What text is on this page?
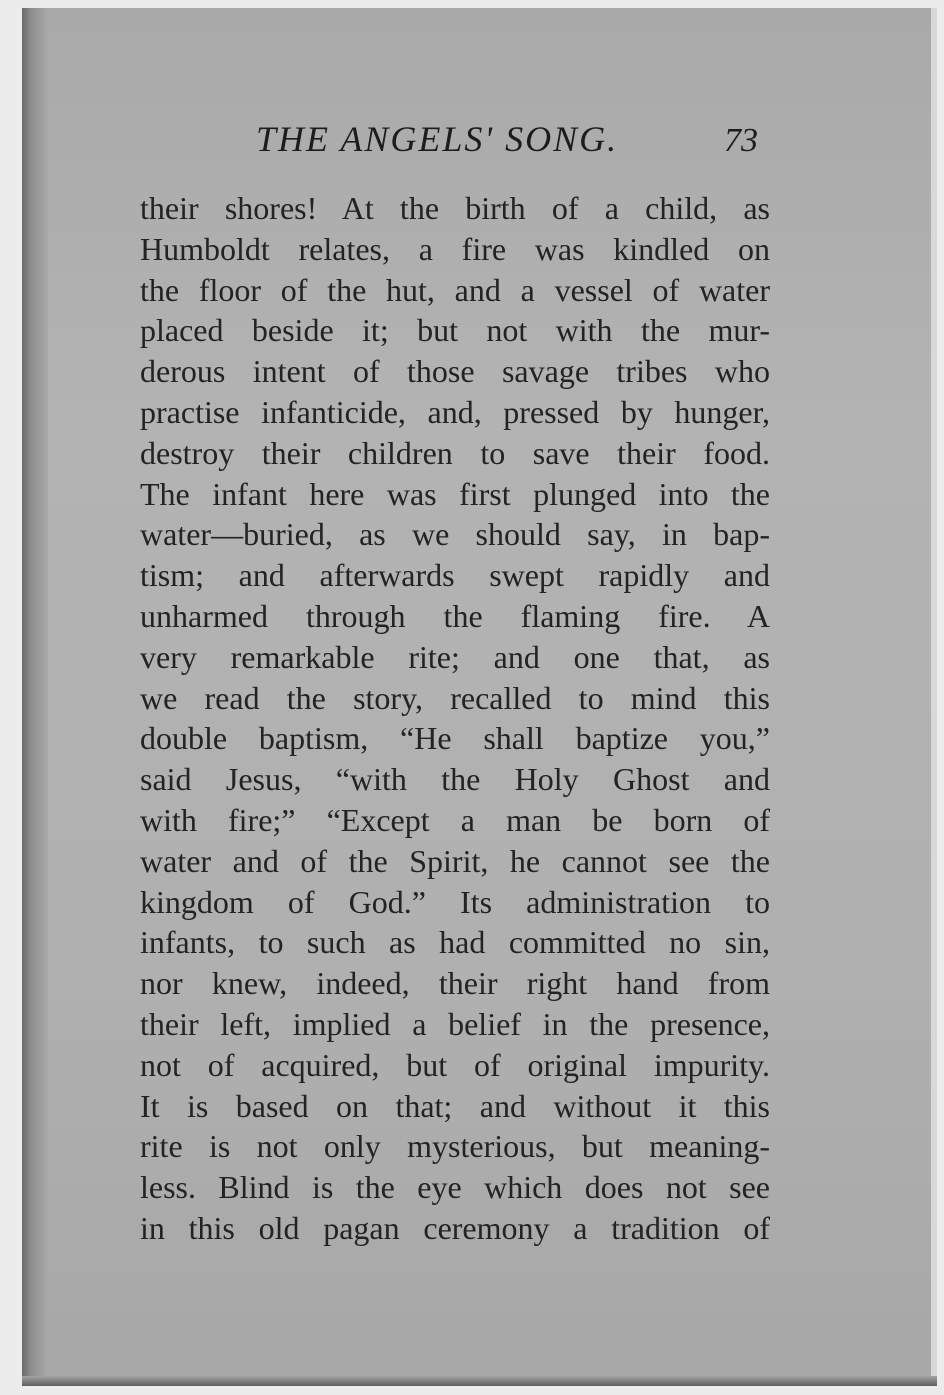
THE ANGELS' SONG.	73
their shores! At the birth of a child, as
Humboldt relates, a fire was kindled on
the floor of the hut, and a vessel of water
placed beside it; but not with the mur-
derous intent of those savage tribes who
practise infanticide, and, pressed by hunger,
destroy their children to save their food.
The infant here was first plunged into the
water—buried, as we should say, in bap-
tism; and afterwards swept rapidly and
unharmed through the flaming fire. A
very remarkable rite; and one that, as
we read the story, recalled to mind this
double baptism, “He shall baptize you,”
said Jesus, “with the Holy Ghost and
with fire;” “Except a man be born of
water and of the Spirit, he cannot see the
kingdom of God.” Its administration to
infants, to such as had committed no sin,
nor knew, indeed, their right hand from
their left, implied a belief in the presence,
not of acquired, but of original impurity.
It is based on that; and without it this
rite is not only mysterious, but meaning-
less. Blind is the eye which does not see
in this old pagan ceremony a tradition of
